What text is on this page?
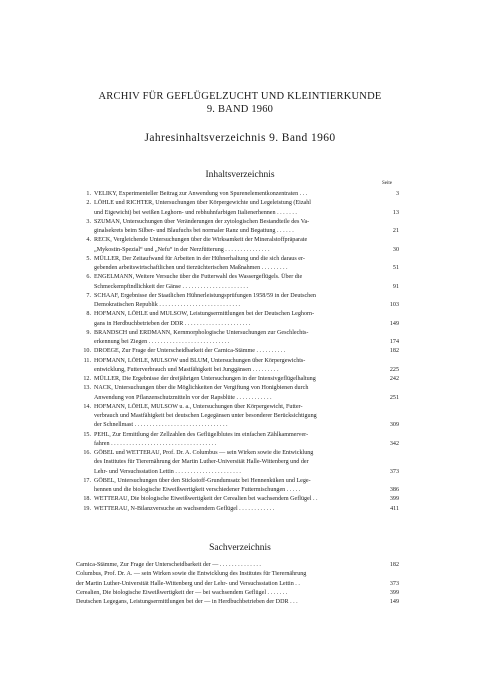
ARCHIV FÜR GEFLÜGELZUCHT UND KLEINTIERKUNDE
9. BAND 1960
Jahresinhaltsverzeichnis 9. Band 1960
Inhaltsverzeichnis
Seite
1. VELIKY, Experimenteller Beitrag zur Anwendung von Spurenelementkonzentraten . . .	3
2. LÖHLE und RICHTER, Untersuchungen über Körpergewichte und Legeleistung (Eizahl
und Eigewicht) bei weißen Leghorn- und rebhuhnfarbigen Italienerhennen . . . . . . .	13
3. SZUMAN, Untersuchungen über Veränderungen der zytologischen Bestandteile des Va-
ginalsekrets beim Silber- und Blaufuchs bei normaler Ranz und Begattung . . . . . .	21
4. RECK, Vergleichende Untersuchungen über die Wirksamkeit der Mineralstoffpräparate
„Mykostin-Spezial“ und „Nefu“ in der Nerzfütterung . . . . . . . . . . . . . . .	30
5. MÜLLER, Der Zeitaufwand für Arbeiten in der Hühnerhaltung und die sich daraus er-
gebenden arbeitswirtschaftlichen und tierzüchterischen Maßnahmen . . . . . . . . .	51
6. ENGELMANN, Weitere Versuche über die Futterwahl des Wassergeflügels. Über die
Schmeckempfindlichkeit der Gänse . . . . . . . . . . . . . . . . . . . . . .	91
7. SCHAAF, Ergebnisse der Staatlichen Hühnerleistungsprüfungen 1958/59 in der Deutschen
Demokratischen Republik . . . . . . . . . . . . . . . . . . . . . . . . . . .	103
8. HOFMANN, LÖHLE und MULSOW, Leistungsermittlungen bei der Deutschen Leghorn-
gans in Herdbuchbetrieben der DDR . . . . . . . . . . . . . . . . . . . . . .	149
9. BRANDSCH und ERDMANN, Kernmorphologische Untersuchungen zur Geschlechts-
erkennung bei Ziegen . . . . . . . . . . . . . . . . . . . . . . . . . . .	174
10. DROEGE, Zur Frage der Unterscheidbarkeit der Carnica-Stämme . . . . . . . . . .	182
11. HOFMANN, LÖHLE, MULSOW und BLUM, Untersuchungen über Körpergewichts-
entwicklung, Futterverbrauch und Mastfähigkeit bei Junggänsen . . . . . . . . .	225
12. MÜLLER, Die Ergebnisse der dreijährigen Untersuchungen in der Intensivgeflügelhaltung	242
13. NACK, Untersuchungen über die Möglichkeiten der Vergiftung von Honigbienen durch
Anwendung von Pflanzenschutzmitteln vor der Rapsblüte . . . . . . . . . . . .	251
14. HOFMANN, LÖHLE, MULSOW u. a., Untersuchungen über Körpergewicht, Futter-
verbrauch und Mastfähigkeit bei deutschen Legegänsen unter besonderer Berücksichtigung
der Schnellmast . . . . . . . . . . . . . . . . . . . . . . . . . . . . . . .	309
15. PEHL, Zur Ermittlung der Zellzahlen des Geflügelblutes im einfachen Zählkammerver-
fahren . . . . . . . . . . . . . . . . . . . . . . . . . . . . . . . . . . .	342
16. GÖBEL und WETTERAU, Prof. Dr. A. Columbus — sein Wirken sowie die Entwicklung
des Institutes für Tierernährung der Martin Luther-Universität Halle-Wittenberg und der
Lehr- und Versuchsstation Lettin . . . . . . . . . . . . . . . . . . . . . .	373
17. GÖBEL, Untersuchungen über den Stickstoff-Grundumsatz bei Hennenküken und Lege-
hennen und die biologische Eiweißwertigkeit verschiedener Futtermischungen . . . . .	386
18. WETTERAU, Die biologische Eiweißwertigkeit der Cerealien bei wachsendem Geflügel . .	399
19. WETTERAU, N-Bilanzversuche an wachsendem Geflügel . . . . . . . . . . . .	411
Sachverzeichnis
Carnica-Stämme, Zur Frage der Unterscheidbarkeit der — . . . . . . . . . . . . . .	182
Columbus, Prof. Dr. A. — sein Wirken sowie die Entwicklung des Institutes für Tierernährung
der Martin Luther-Universität Halle-Wittenberg und der Lehr- und Versuchsstation Lettin . .	373
Cerealien, Die biologische Eiweißwertigkeit der — bei wachsendem Geflügel . . . . . . .	399
Deutschen Legegans, Leistungsermittlungen bei der — in Herdbuchbetrieben der DDR . . .	149
